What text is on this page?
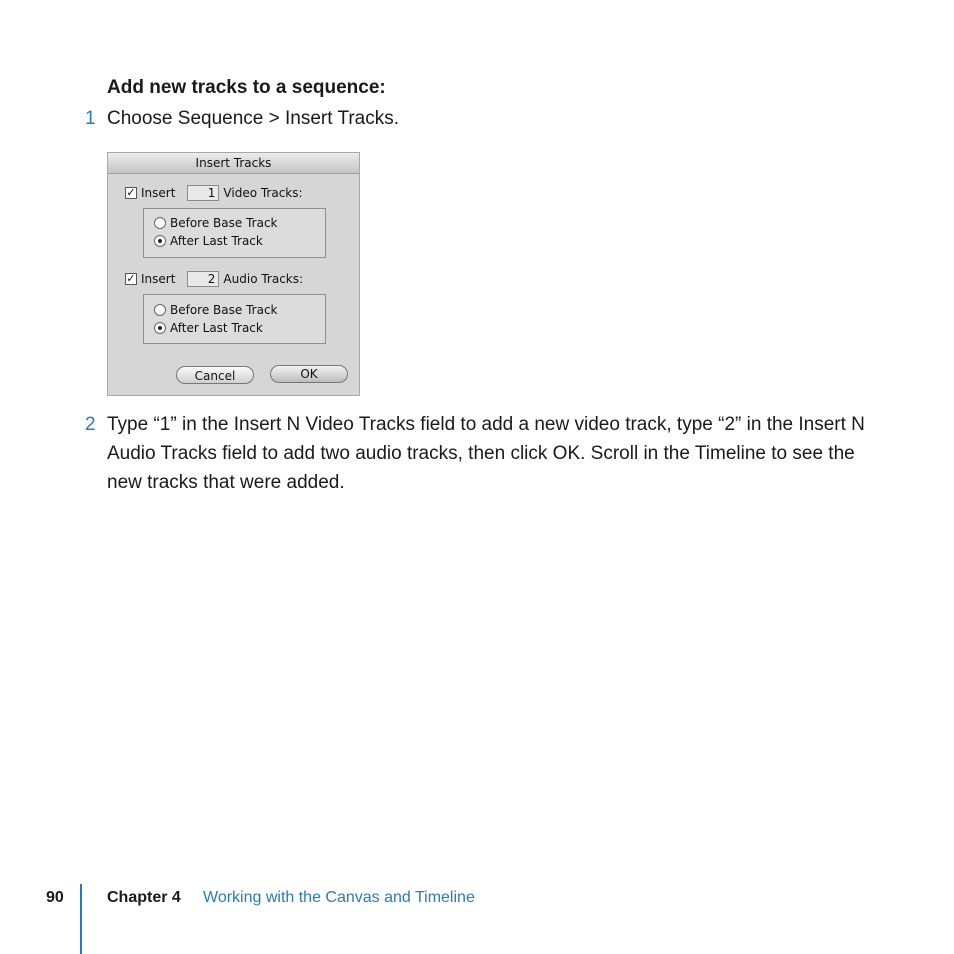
Add new tracks to a sequence:
1 Choose Sequence > Insert Tracks.
Insert Tracks
✓ Insert	1 Video Tracks:
Before Base Track
After Last Track
✓ Insert	2 Audio Tracks:
Before Base Track
After Last Track
Cancel	OK
2 Type “1” in the Insert N Video Tracks field to add a new video track, type “2” in the Insert N Audio Tracks field to add two audio tracks, then click OK. Scroll in the Timeline to see the new tracks that were added.
90	Chapter 4 Working with the Canvas and Timeline
